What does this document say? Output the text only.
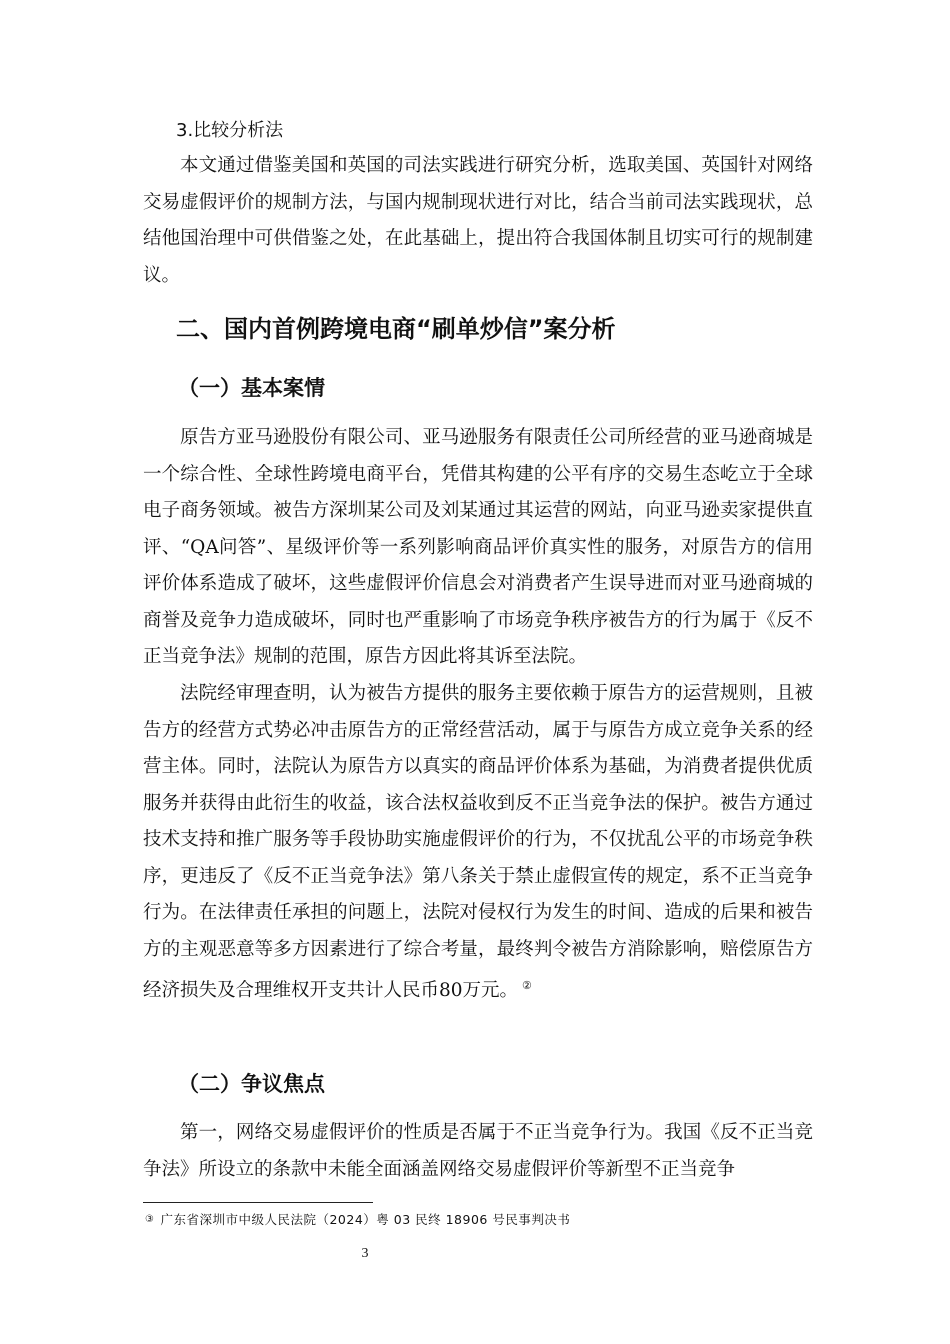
3.比较分析法

本文通过借鉴美国和英国的司法实践进行研究分析，选取美国、英国针对网络交易虚假评价的规制方法，与国内规制现状进行对比，结合当前司法实践现状，总结他国治理中可供借鉴之处，在此基础上，提出符合我国体制且切实可行的规制建议。

二、国内首例跨境电商“刷单炒信”案分析
（一）基本案情

原告方亚马逊股份有限公司、亚马逊服务有限责任公司所经营的亚马逊商城是一个综合性、全球性跨境电商平台，凭借其构建的公平有序的交易生态屹立于全球电子商务领域。被告方深圳某公司及刘某通过其运营的网站，向亚马逊卖家提供直评、“QA问答”、星级评价等一系列影响商品评价真实性的服务，对原告方的信用评价体系造成了破坏，这些虚假评价信息会对消费者产生误导进而对亚马逊商城的商誉及竞争力造成破坏，同时也严重影响了市场竞争秩序被告方的行为属于《反不正当竞争法》规制的范围，原告方因此将其诉至法院。

法院经审理查明，认为被告方提供的服务主要依赖于原告方的运营规则，且被告方的经营方式势必冲击原告方的正常经营活动，属于与原告方成立竞争关系的经营主体。同时，法院认为原告方以真实的商品评价体系为基础，为消费者提供优质服务并获得由此衍生的收益，该合法权益收到反不正当竞争法的保护。被告方通过技术支持和推广服务等手段协助实施虚假评价的行为，不仅扰乱公平的市场竞争秩序，更违反了《反不正当竞争法》第八条关于禁止虚假宣传的规定，系不正当竞争行为。在法律责任承担的问题上，法院对侵权行为发生的时间、造成的后果和被告方的主观恶意等多方因素进行了综合考量，最终判令被告方消除影响，赔偿原告方经济损失及合理维权开支共计人民币80万元。 ②

（二）争议焦点

第一，网络交易虚假评价的性质是否属于不正当竞争行为。我国《反不正当竞争法》所设立的条款中未能全面涵盖网络交易虚假评价等新型不正当竞争

③ 广东省深圳市中级人民法院（2024）粤 03 民终 18906 号民事判决书
3
